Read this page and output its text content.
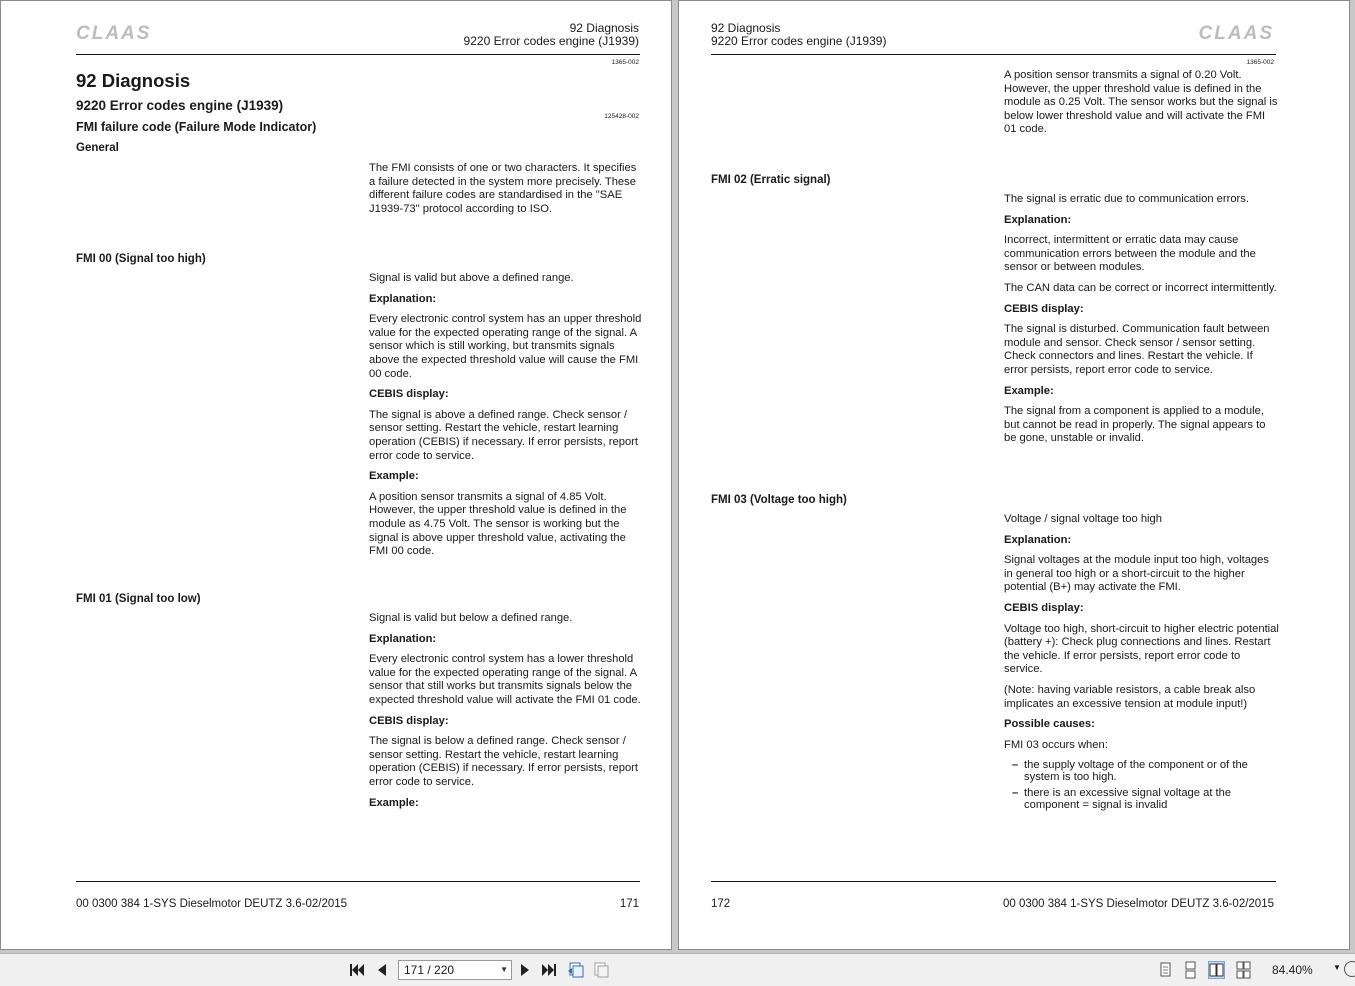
CLAAS	92 Diagnosis
9220 Error codes engine (J1939)
1365-002
92 Diagnosis
9220 Error codes engine (J1939)
125428-002
FMI failure code (Failure Mode Indicator)
General

The FMI consists of one or two characters. It specifies a failure detected in the system more precisely. These different failure codes are standardised in the "SAE J1939-73" protocol according to ISO.

FMI 00 (Signal too high)

Signal is valid but above a defined range.

Explanation:

Every electronic control system has an upper threshold value for the expected operating range of the signal. A sensor which is still working, but transmits signals above the expected threshold value will cause the FMI 00 code.

CEBIS display:

The signal is above a defined range. Check sensor / sensor setting. Restart the vehicle, restart learning operation (CEBIS) if necessary. If error persists, report error code to service.

Example:

A position sensor transmits a signal of 4.85 Volt. However, the upper threshold value is defined in the module as 4.75 Volt. The sensor is working but the signal is above upper threshold value, activating the FMI 00 code.

FMI 01 (Signal too low)

Signal is valid but below a defined range.

Explanation:

Every electronic control system has a lower threshold value for the expected operating range of the signal. A sensor that still works but transmits signals below the expected threshold value will activate the FMI 01 code.

CEBIS display:

The signal is below a defined range. Check sensor / sensor setting. Restart the vehicle, restart learning operation (CEBIS) if necessary. If error persists, report error code to service.

Example:
00 0300 384 1-SYS Dieselmotor DEUTZ 3.6-02/2015	171
92 Diagnosis
9220 Error codes engine (J1939)	CLAAS
1365-002

A position sensor transmits a signal of 0.20 Volt. However, the upper threshold value is defined in the module as 0.25 Volt. The sensor works but the signal is below lower threshold value and will activate the FMI 01 code.

FMI 02 (Erratic signal)

The signal is erratic due to communication errors.

Explanation:

Incorrect, intermittent or erratic data may cause communication errors between the module and the sensor or between modules.

The CAN data can be correct or incorrect intermittently.

CEBIS display:

The signal is disturbed. Communication fault between module and sensor. Check sensor / sensor setting. Check connectors and lines. Restart the vehicle. If error persists, report error code to service.

Example:

The signal from a component is applied to a module, but cannot be read in properly. The signal appears to be gone, unstable or invalid.

FMI 03 (Voltage too high)

Voltage / signal voltage too high

Explanation:

Signal voltages at the module input too high, voltages in general too high or a short-circuit to the higher potential (B+) may activate the FMI.

CEBIS display:

Voltage too high, short-circuit to higher electric potential (battery +): Check plug connections and lines. Restart the vehicle. If error persists, report error code to service.

(Note: having variable resistors, a cable break also implicates an excessive tension at module input!)

Possible causes:

FMI 03 occurs when:

– the supply voltage of the component or of the system is too high.
– there is an excessive signal voltage at the component = signal is invalid
172	00 0300 384 1-SYS Dieselmotor DEUTZ 3.6-02/2015
171 / 220	▼	84.40%	▼
